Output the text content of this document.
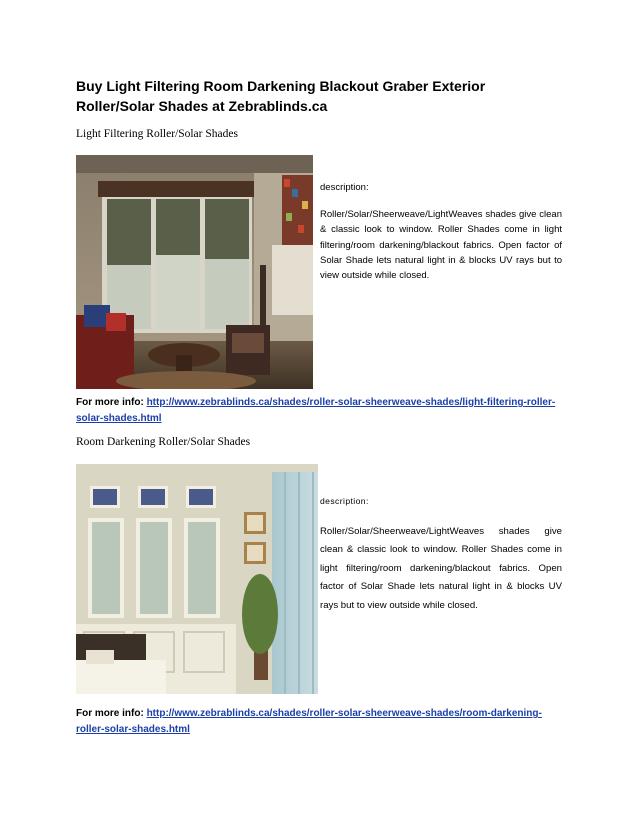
Buy Light Filtering Room Darkening Blackout Graber Exterior Roller/Solar Shades at Zebrablinds.ca
Light Filtering Roller/Solar Shades
description:
Roller/Solar/Sheerweave/LightWeaves shades give clean & classic look to window. Roller Shades come in light filtering/room darkening/blackout fabrics. Open factor of Solar Shade lets natural light in & blocks UV rays but to view outside while closed.
For more info: http://www.zebrablinds.ca/shades/roller-solar-sheerweave-shades/light-filtering-roller-solar-shades.html
Room Darkening Roller/Solar Shades
description:
Roller/Solar/Sheerweave/LightWeaves shades give clean & classic look to window. Roller Shades come in light filtering/room darkening/blackout fabrics. Open factor of Solar Shade lets natural light in & blocks UV rays but to view outside while closed.
For more info: http://www.zebrablinds.ca/shades/roller-solar-sheerweave-shades/room-darkening-roller-solar-shades.html
